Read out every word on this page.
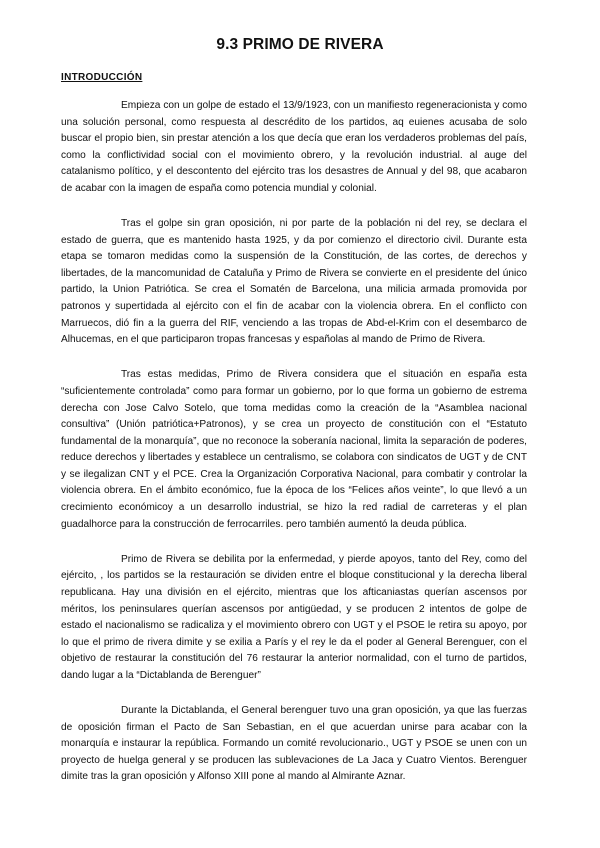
9.3 PRIMO DE RIVERA
INTRODUCCIÓN

Empieza con un golpe de estado el 13/9/1923, con un manifiesto regeneracionista y como una solución personal, como respuesta al descrédito de los partidos, aq euienes acusaba de solo buscar el propio bien, sin prestar atención a los que decía que eran los verdaderos problemas del país, como la conflictividad social con el movimiento obrero, y la revolución industrial. al auge del catalanismo político, y el descontento del ejército tras los desastres de Annual y del 98, que acabaron de acabar con la imagen de españa como potencia mundial y colonial.

Tras el golpe sin gran oposición, ni por parte de la población ni del rey, se declara el estado de guerra, que es mantenido hasta 1925, y da por comienzo el directorio civil. Durante esta etapa se tomaron medidas como la suspensión de la Constitución, de las cortes, de derechos y libertades, de la mancomunidad de Cataluña y Primo de Rivera se convierte en el presidente del único partido, la Union Patriótica. Se crea el Somatén de Barcelona, una milicia armada promovida por patronos y supertidada al ejército con el fin de acabar con la violencia obrera. En el conflicto con Marruecos, dió fin a la guerra del RIF, venciendo a las tropas de Abd-el-Krim con el desembarco de Alhucemas, en el que participaron tropas francesas y españolas al mando de Primo de Rivera.

Tras estas medidas, Primo de Rivera considera que el situación en españa esta “suficientemente controlada” como para formar un gobierno, por lo que forma un gobierno de estrema derecha con Jose Calvo Sotelo, que toma medidas como la creación de la “Asamblea nacional consultiva” (Unión patriótica+Patronos), y se crea un proyecto de constitución con el “Estatuto fundamental de la monarquía”, que no reconoce la soberanía nacional, limita la separación de poderes, reduce derechos y libertades y establece un centralismo, se colabora con sindicatos de UGT y de CNT y se ilegalizan CNT y el PCE. Crea la Organización Corporativa Nacional, para combatir y controlar la violencia obrera. En el ámbito económico, fue la época de los “Felices años veinte”, lo que llevó a un crecimiento económicoy a un desarrollo industrial, se hizo la red radial de carreteras y el plan guadalhorce para la construcción de ferrocarriles. pero también aumentó la deuda pública.

Primo de Rivera se debilita por la enfermedad, y pierde apoyos, tanto del Rey, como del ejército, , los partidos se la restauración se dividen entre el bloque constitucional y la derecha liberal republicana. Hay una división en el ejército, mientras que los afticaniastas querían ascensos por méritos, los peninsulares querían ascensos por antigüedad, y se producen 2 intentos de golpe de estado el nacionalismo se radicaliza y el movimiento obrero con UGT y el PSOE le retira su apoyo, por lo que el primo de rivera dimite y se exilia a París y el rey le da el poder al General Berenguer, con el objetivo de restaurar la constitución del 76 restaurar la anterior normalidad, con el turno de partidos, dando lugar a la “Dictablanda de Berenguer”

Durante la Dictablanda, el General berenguer tuvo una gran oposición, ya que las fuerzas de oposición firman el Pacto de San Sebastian, en el que acuerdan unirse para acabar con la monarquía e instaurar la república. Formando un comité revolucionario., UGT y PSOE se unen con un proyecto de huelga general y se producen las sublevaciones de La Jaca y Cuatro Vientos. Berenguer dimite tras la gran oposición y Alfonso XIII pone al mando al Almirante Aznar.
